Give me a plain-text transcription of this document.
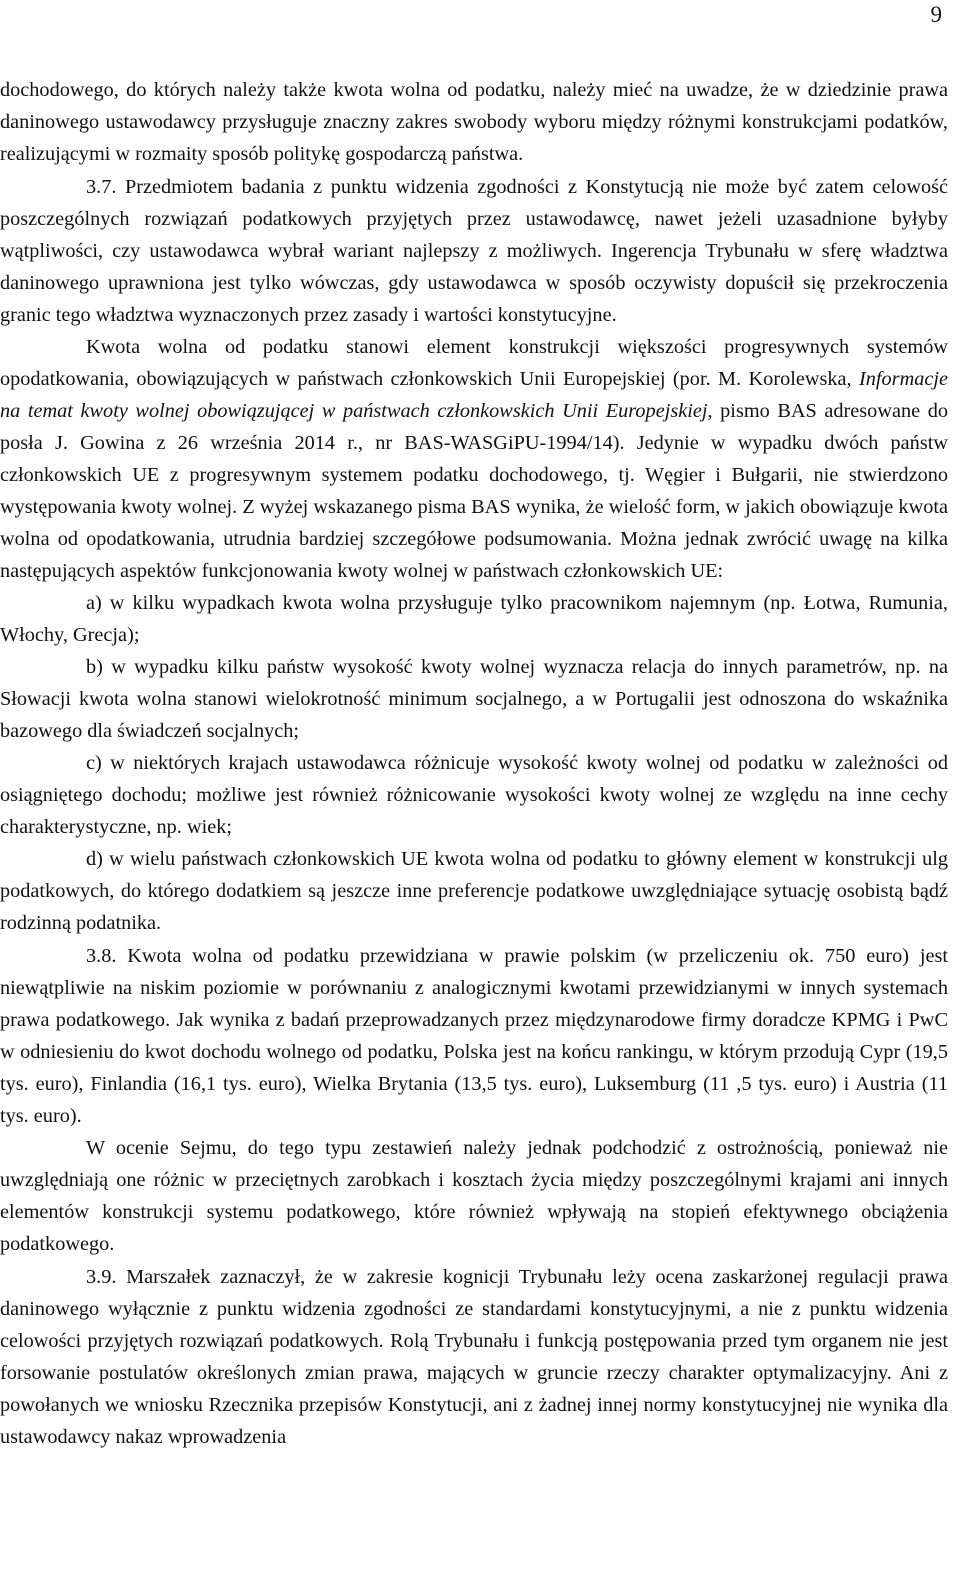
9

dochodowego, do których należy także kwota wolna od podatku, należy mieć na uwadze, że w dziedzinie prawa daninowego ustawodawcy przysługuje znaczny zakres swobody wyboru między różnymi konstrukcjami podatków, realizującymi w rozmaity sposób politykę gospodarczą państwa.

3.7. Przedmiotem badania z punktu widzenia zgodności z Konstytucją nie może być zatem celowość poszczególnych rozwiązań podatkowych przyjętych przez ustawodawcę, nawet jeżeli uzasadnione byłyby wątpliwości, czy ustawodawca wybrał wariant najlepszy z możliwych. Ingerencja Trybunału w sferę władztwa daninowego uprawniona jest tylko wówczas, gdy ustawodawca w sposób oczywisty dopuścił się przekroczenia granic tego władztwa wyznaczonych przez zasady i wartości konstytucyjne.

Kwota wolna od podatku stanowi element konstrukcji większości progresywnych systemów opodatkowania, obowiązujących w państwach członkowskich Unii Europejskiej (por. M. Korolewska, Informacje na temat kwoty wolnej obowiązującej w państwach członkowskich Unii Europejskiej, pismo BAS adresowane do posła J. Gowina z 26 września 2014 r., nr BAS-WASGiPU-1994/14). Jedynie w wypadku dwóch państw członkowskich UE z progresywnym systemem podatku dochodowego, tj. Węgier i Bułgarii, nie stwierdzono występowania kwoty wolnej. Z wyżej wskazanego pisma BAS wynika, że wielość form, w jakich obowiązuje kwota wolna od opodatkowania, utrudnia bardziej szczegółowe podsumowania. Można jednak zwrócić uwagę na kilka następujących aspektów funkcjonowania kwoty wolnej w państwach członkowskich UE:

a) w kilku wypadkach kwota wolna przysługuje tylko pracownikom najemnym (np. Łotwa, Rumunia, Włochy, Grecja);

b) w wypadku kilku państw wysokość kwoty wolnej wyznacza relacja do innych parametrów, np. na Słowacji kwota wolna stanowi wielokrotność minimum socjalnego, a w Portugalii jest odnoszona do wskaźnika bazowego dla świadczeń socjalnych;

c) w niektórych krajach ustawodawca różnicuje wysokość kwoty wolnej od podatku w zależności od osiągniętego dochodu; możliwe jest również różnicowanie wysokości kwoty wolnej ze względu na inne cechy charakterystyczne, np. wiek;

d) w wielu państwach członkowskich UE kwota wolna od podatku to główny element w konstrukcji ulg podatkowych, do którego dodatkiem są jeszcze inne preferencje podatkowe uwzględniające sytuację osobistą bądź rodzinną podatnika.

3.8. Kwota wolna od podatku przewidziana w prawie polskim (w przeliczeniu ok. 750 euro) jest niewątpliwie na niskim poziomie w porównaniu z analogicznymi kwotami przewidzianymi w innych systemach prawa podatkowego. Jak wynika z badań przeprowadzanych przez międzynarodowe firmy doradcze KPMG i PwC w odniesieniu do kwot dochodu wolnego od podatku, Polska jest na końcu rankingu, w którym przodują Cypr (19,5 tys. euro), Finlandia (16,1 tys. euro), Wielka Brytania (13,5 tys. euro), Luksemburg (11 ,5 tys. euro) i Austria (11 tys. euro).

W ocenie Sejmu, do tego typu zestawień należy jednak podchodzić z ostrożnością, ponieważ nie uwzględniają one różnic w przeciętnych zarobkach i kosztach życia między poszczególnymi krajami ani innych elementów konstrukcji systemu podatkowego, które również wpływają na stopień efektywnego obciążenia podatkowego.

3.9. Marszałek zaznaczył, że w zakresie kognicji Trybunału leży ocena zaskarżonej regulacji prawa daninowego wyłącznie z punktu widzenia zgodności ze standardami konstytucyjnymi, a nie z punktu widzenia celowości przyjętych rozwiązań podatkowych. Rolą Trybunału i funkcją postępowania przed tym organem nie jest forsowanie postulatów określonych zmian prawa, mających w gruncie rzeczy charakter optymalizacyjny. Ani z powołanych we wniosku Rzecznika przepisów Konstytucji, ani z żadnej innej normy konstytucyjnej nie wynika dla ustawodawcy nakaz wprowadzenia
